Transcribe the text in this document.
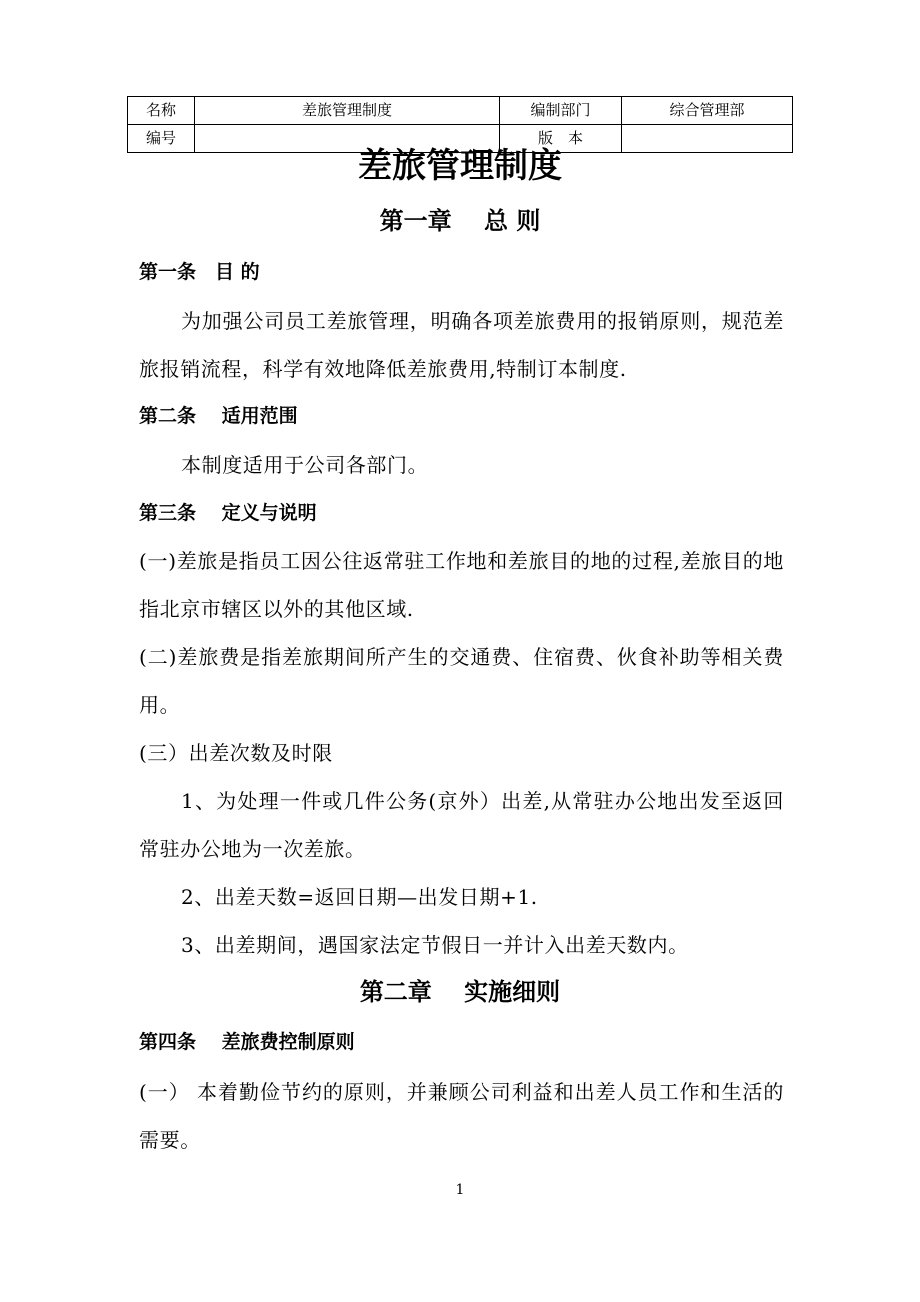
名称	差旅管理制度	编制部门	综合管理部
编号		版　本	
差旅管理制度
第一章　 总 则
第一条　目 的
为加强公司员工差旅管理，明确各项差旅费用的报销原则，规范差旅报销流程，科学有效地降低差旅费用,特制订本制度.
第二条　 适用范围
本制度适用于公司各部门。
第三条　 定义与说明
(一)差旅是指员工因公往返常驻工作地和差旅目的地的过程,差旅目的地指北京市辖区以外的其他区域.
(二)差旅费是指差旅期间所产生的交通费、住宿费、伙食补助等相关费用。
(三）出差次数及时限
1、为处理一件或几件公务(京外）出差,从常驻办公地出发至返回常驻办公地为一次差旅。
2、出差天数=返回日期—出发日期+1.
3、出差期间，遇国家法定节假日一并计入出差天数内。
第二章　 实施细则
第四条　 差旅费控制原则
(一） 本着勤俭节约的原则，并兼顾公司利益和出差人员工作和生活的需要。
1
